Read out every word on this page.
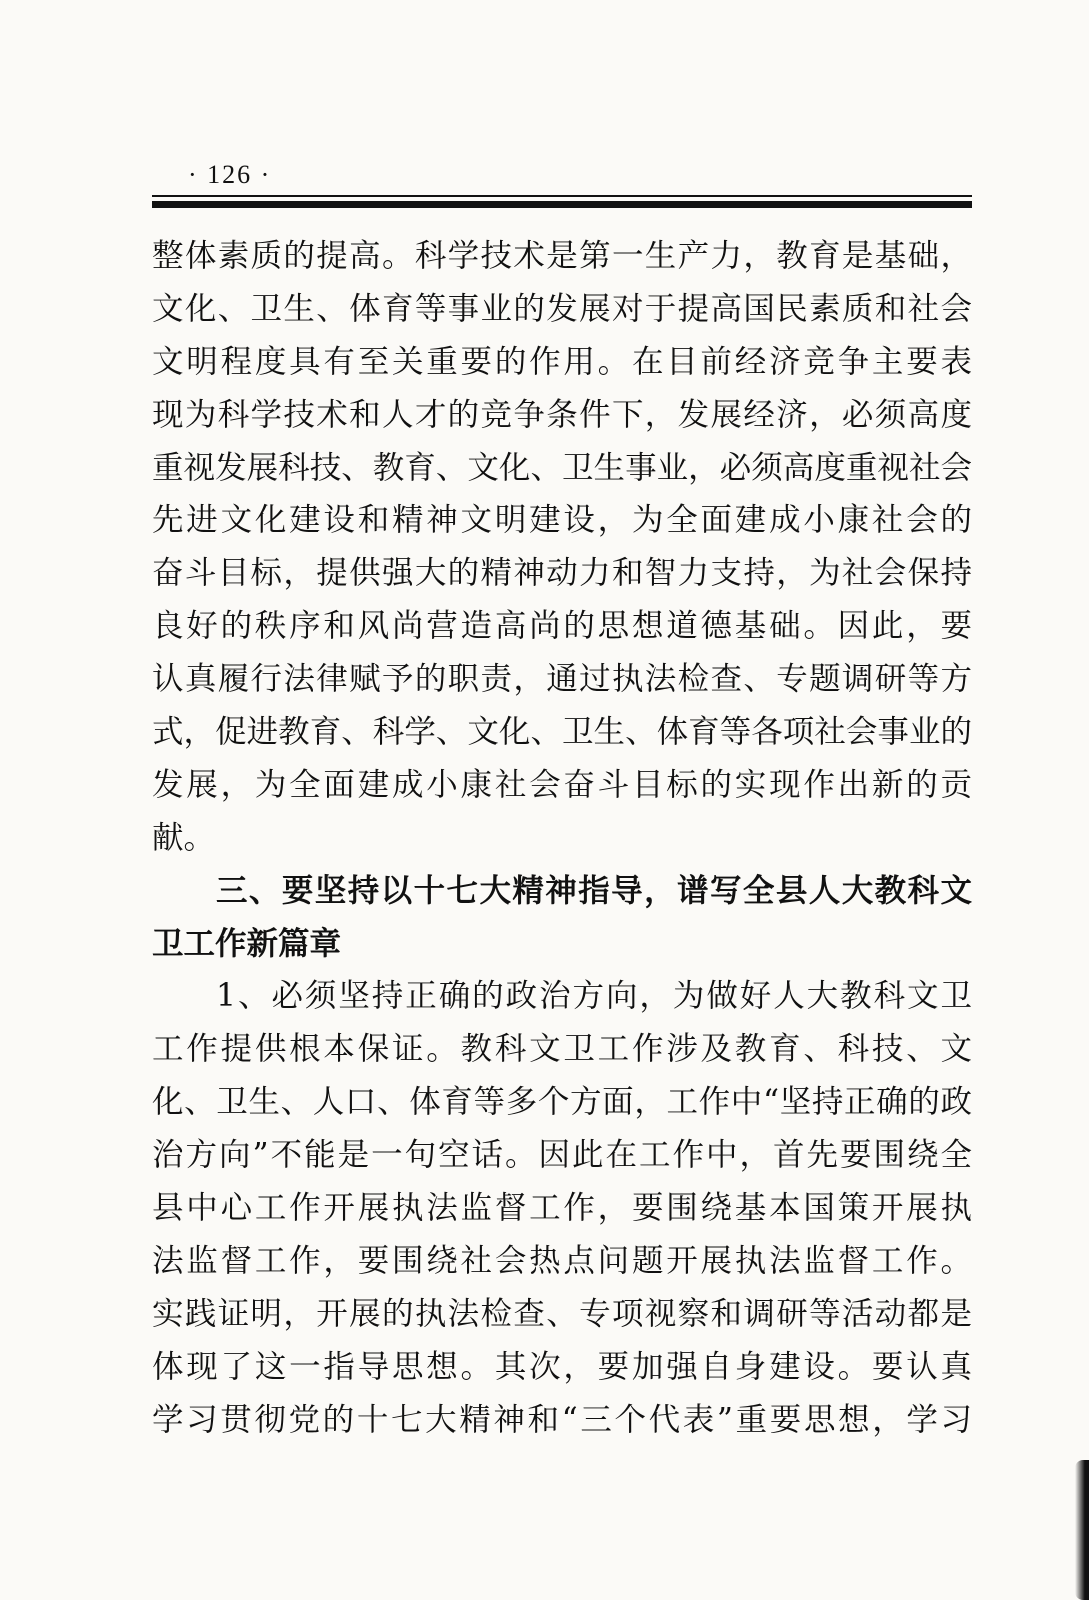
· 126 ·
整体素质的提高。科学技术是第一生产力，教育是基础，
文化、卫生、体育等事业的发展对于提高国民素质和社会
文明程度具有至关重要的作用。在目前经济竞争主要表
现为科学技术和人才的竞争条件下，发展经济，必须高度
重视发展科技、教育、文化、卫生事业，必须高度重视社会
先进文化建设和精神文明建设，为全面建成小康社会的
奋斗目标，提供强大的精神动力和智力支持，为社会保持
良好的秩序和风尚营造高尚的思想道德基础。因此，要
认真履行法律赋予的职责，通过执法检查、专题调研等方
式，促进教育、科学、文化、卫生、体育等各项社会事业的
发展，为全面建成小康社会奋斗目标的实现作出新的贡
献。
三、要坚持以十七大精神指导，谱写全县人大教科文
卫工作新篇章
1、必须坚持正确的政治方向，为做好人大教科文卫
工作提供根本保证。教科文卫工作涉及教育、科技、文
化、卫生、人口、体育等多个方面，工作中“坚持正确的政
治方向”不能是一句空话。因此在工作中，首先要围绕全
县中心工作开展执法监督工作，要围绕基本国策开展执
法监督工作，要围绕社会热点问题开展执法监督工作。
实践证明，开展的执法检查、专项视察和调研等活动都是
体现了这一指导思想。其次，要加强自身建设。要认真
学习贯彻党的十七大精神和“三个代表”重要思想，学习
